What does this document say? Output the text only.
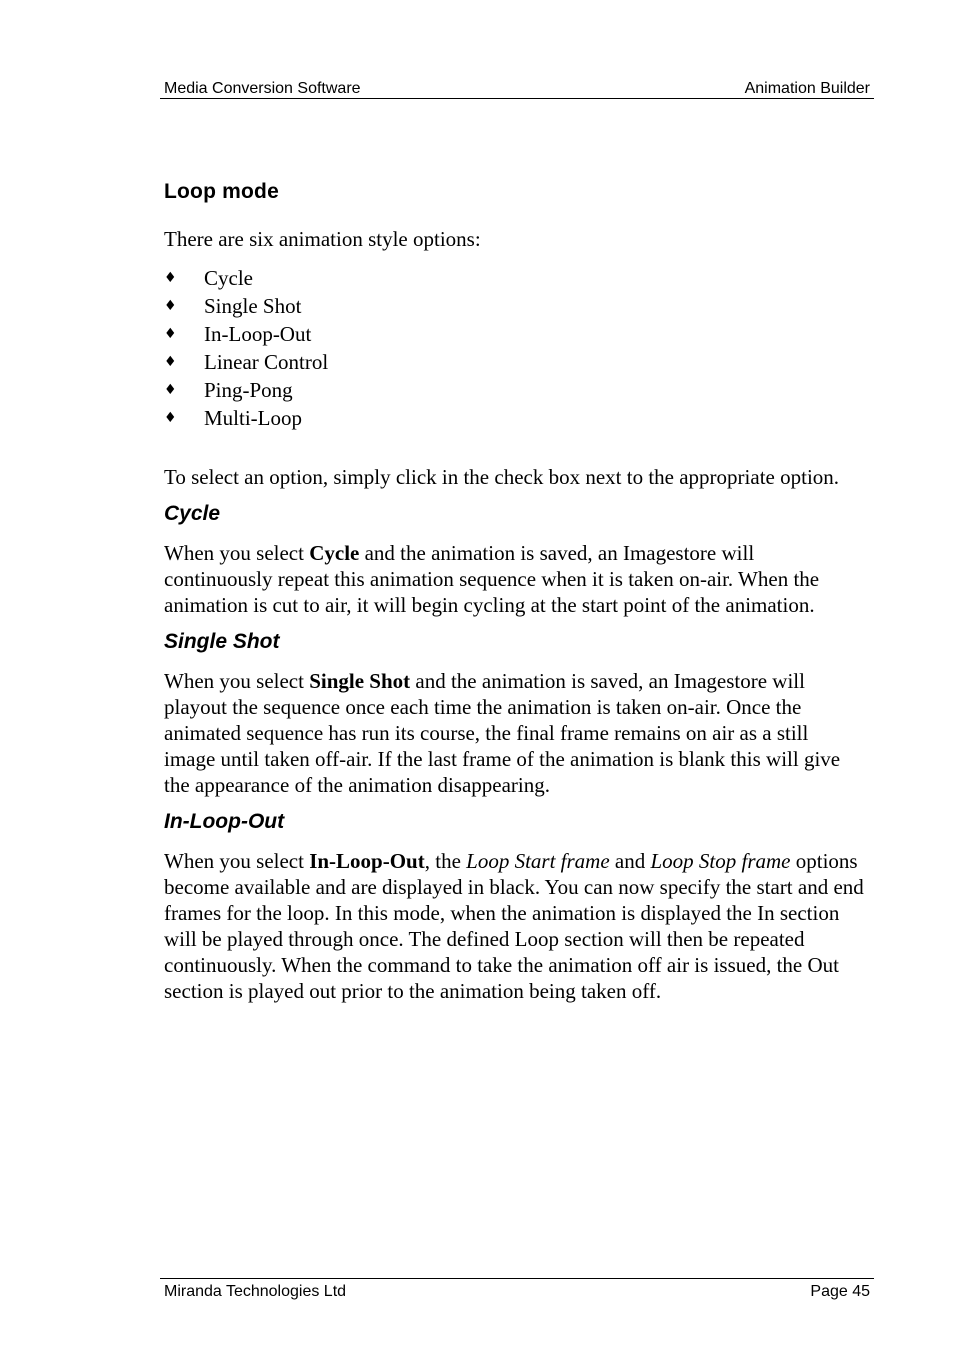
Media Conversion Software	Animation Builder
Loop mode

There are six animation style options:

♦	Cycle
♦	Single Shot
♦	In-Loop-Out
♦	Linear Control
♦	Ping-Pong
♦	Multi-Loop

To select an option, simply click in the check box next to the appropriate option.

Cycle

When you select Cycle and the animation is saved, an Imagestore will continuously repeat this animation sequence when it is taken on-air. When the animation is cut to air, it will begin cycling at the start point of the animation.

Single Shot

When you select Single Shot and the animation is saved, an Imagestore will playout the sequence once each time the animation is taken on-air. Once the animated sequence has run its course, the final frame remains on air as a still image until taken off-air. If the last frame of the animation is blank this will give the appearance of the animation disappearing.

In-Loop-Out

When you select In-Loop-Out, the Loop Start frame and Loop Stop frame options become available and are displayed in black. You can now specify the start and end frames for the loop. In this mode, when the animation is displayed the In section will be played through once. The defined Loop section will then be repeated continuously. When the command to take the animation off air is issued, the Out section is played out prior to the animation being taken off.

Miranda Technologies Ltd	Page 45
